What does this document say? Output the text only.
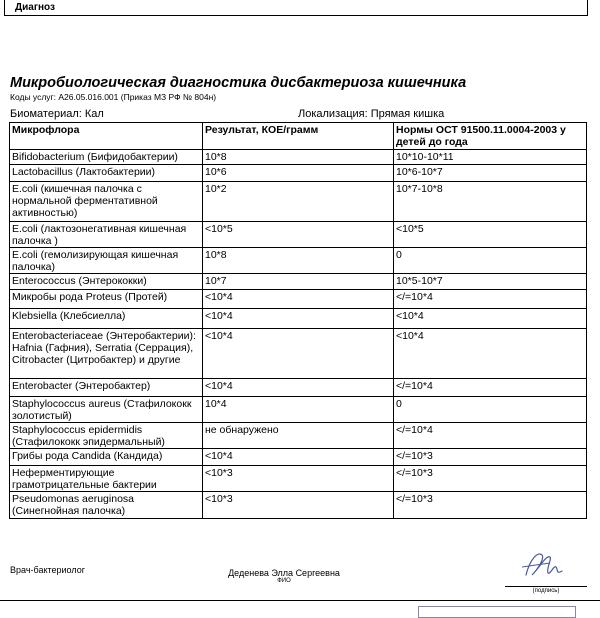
Диагноз
Микробиологическая диагностика дисбактериоза кишечника
Коды услуг: A26.05.016.001 (Приказ МЗ РФ № 804н)
Биоматериал: Кал	Локализация: Прямая кишка
Микрофлора	Результат, КОЕ/грамм	Нормы ОСТ 91500.11.0004-2003 у детей до года
Bifidobacterium (Бифидобактерии)	10*8	10*10-10*11
Lactobacillus (Лактобактерии)	10*6	10*6-10*7
E.coli (кишечная палочка с нормальной ферментативной активностью)	10*2	10*7-10*8
E.coli (лактозонегативная кишечная палочка )	<10*5	<10*5
E.coli (гемолизирующая кишечная палочка)	10*8	0
Enterococcus (Энтерококки)	10*7	10*5-10*7
Микробы рода Proteus (Протей)	<10*4	</=10*4
Klebsiella (Клебсиелла)	<10*4	<10*4
Enterobacteriaceae (Энтеробактерии): Hafnia (Гафния), Serratia (Серрация), Citrobacter (Цитробактер) и другие	<10*4	<10*4
Enterobacter (Энтеробактер)	<10*4	</=10*4
Staphylococcus aureus (Стафилококк золотистый)	10*4	0
Staphylococcus epidermidis (Стафилококк эпидермальный)	не обнаружено	</=10*4
Грибы рода Candida (Кандида)	<10*4	</=10*3
Неферментирующие грамотрицательные бактерии	<10*3	</=10*3
Pseudomonas aeruginosa (Синегнойная палочка)	<10*3	</=10*3
Врач-бактериолог	Деденева Элла Сергеевна
ФИО
(подпись)
